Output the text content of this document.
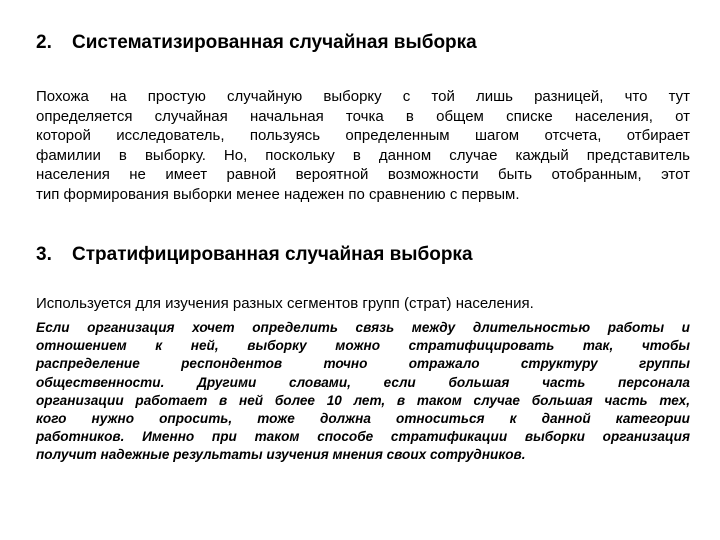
2.	Систематизированная случайная выборка
Похожа на простую случайную выборку с той лишь разницей, что тут
определяется случайная начальная точка в общем списке населения, от
которой исследователь, пользуясь определенным шагом отсчета, отбирает
фамилии в выборку. Но, поскольку в данном случае каждый представитель
населения не имеет равной вероятной возможности быть отобранным, этот
тип формирования выборки менее надежен по сравнению с первым.
3.	Стратифицированная случайная выборка
Используется для изучения разных сегментов групп (страт) населения.
Если организация хочет определить связь между длительностью работы и
отношением к ней, выборку можно стратифицировать так, чтобы
распределение респондентов точно отражало структуру группы
общественности. Другими словами, если большая часть персонала
организации работает в ней более 10 лет, в таком случае большая часть тех,
кого нужно опросить, тоже должна относиться к данной категории
работников. Именно при таком способе стратификации выборки организация
получит надежные результаты изучения мнения своих сотрудников.
